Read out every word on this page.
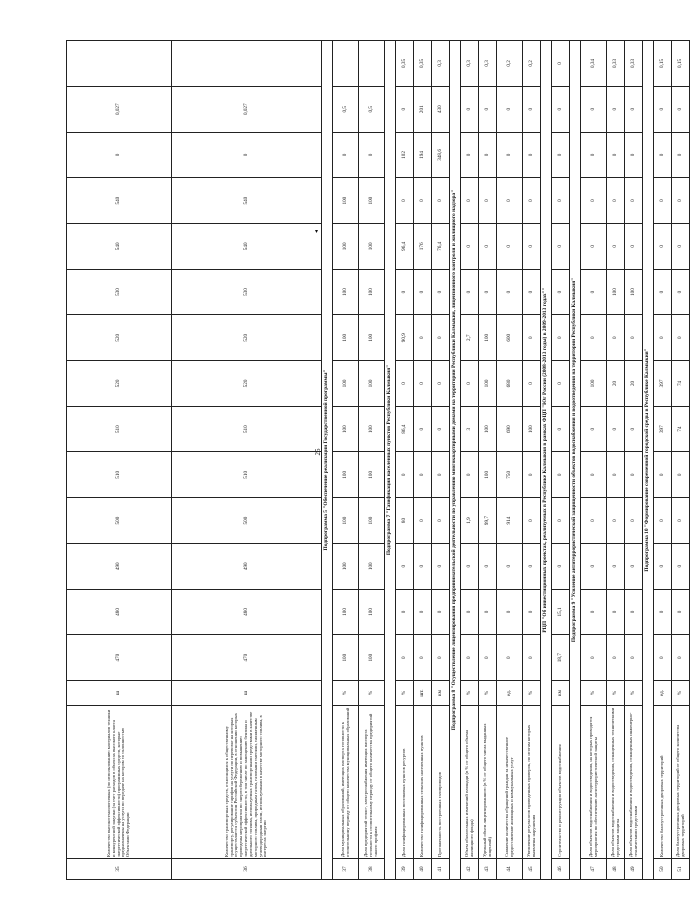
25
▾
35	Количество высокотехнологичных (по использованию материалов техники и конкурентной закупки (за счет расходов в объектах высокого класса энергетической эффективности) программных средств, которые предназначены на услуги по передаче на котором со склонностью Объектами Федерации	ш	470	480	490	500	510	510	520	520	530	540	540	0	0,027	
36	Количество транспортных средств, относящихся к общественному транспорту, регулирование тарифов на услуги по перевозке на которых осуществляется субъектом Российской Федерации, в отношении которых проведены мероприятия по энергосбережению и повышению энергетической эффективности, в том числе по замещению бензина и дизельного топлива, используемых транспортными средствами в качестве моторного топлива, природным газом, газовыми смесями, сжиженным углеводородным газом, используемыми в качестве моторного топлива, в интересах энергии	ш	470	480	490	500	510	510	520	520	530	540	540	0	0,027	
Подпрограмма 5 "Обеспечение реализации Государственной программы"																
37	Доля муниципальных образований, имеющих паспорта готовности к отопительному периоду от общего количества муниципальных образований	%	100	100	100	100	100	100	100	100	100	100	100	0	0,5	
38	Доля предприятий тепло-, электроснабжения имеющих паспорта готовности к отопительному периоду от общего количества предприятий такого профиля	%	100	100	100	100	100	100	100	100	100	100	100	0	0,5	
Подпрограмма 7 "Газификация населенных пунктов Республики Калмыкия"																
39	Доля газифицированных поселковых пунктов ресурсов	%	0	0	0	80	0	86,4	0	90,9	0	96,4	0	102	0	0,35
40	Количество газифицированных сельских населенных пунктов	шт.	0	0	0	0	0	0	0	0	0	176	0	194	201	0,35
41	Протяженность построенных газопроводов	км	0	0	0	0	0	0	0	0	0	76,4	0	348,6	430	0,3
Подпрограмма 8 "Осуществление лицензирования предпринимательской деятельности по управлению многоквартирными домами на территории Республики Калмыкия, лицензионного контроля и жилищного надзора"																
42	Объем обязательных изменений площади (в % от общего объема жилищного фонда)	%	0	0	0	1,9	0	3	0	2,7	0	0	0	0	0	0,3
43	Удельный объем лицензированного (в % от общего числа выданных лицензий)	%	0	0	0	99,7	100	100	100	100	0	0	0	0	0	0,3
44	Снижение количества обращений граждан за некачественное предоставление жилищных и коммунальных услуг	ед.	0	0	0	914	750	690	680	600	0	0	0	0	0	0,2
45	Увеличение результатов проведенных проверок, по итогам которых выявлены нарушения	%	0	0	0	0	0	100	0	0	0	0	0	0	0	0,2
РЦП "Об инвестиционных проектах, реализуемых в Республике Калмыкия в рамках ФЦП "Юг России (2008-2013 годы) в 2009-2013 годах""																
46	Строительство и реконструкция объектов водоснабжения	км	18,7	15,1	0	0	0	0	0	0	0	0	0	0	0	0
Подпрограмма 9 "Усиление антитеррористической защищенности объектов водоснабжения и водоотведения на территории Республики Калмыкия"																
47	Доля объектов водоснабжения и водоотведения, на которых проводятся мероприятия по обеспечению антитеррористической защиты	%	0	0	0	0	0	0	100	0	0	0	0	0	0	0,34
48	Доля объектов водоснабжения и водоотведения, оснащенных техническими средствами защиты	%	0	0	0	0	0	0	20	0	100	0	0	0	0	0,33
49	Доля объектов водоснабжения и водоотведения, оснащенных инженерно-техническими средствами	%	0	0	0	0	0	0	20	0	100	0	0	0	0	0,33
Подпрограмма 10 "Формирование современной городской среды в Республике Калмыкия"																
50	Количество благоустроенных дворовых территорий	ед.	0	0	0	0	0	397	397	0	0	0	0	0	0	0,15
51	Доля благоустроенных дворовых территорий от общего количества дворовых территорий	%	0	0	0	0	0	74	74	0	0	0	0	0	0	0,15
